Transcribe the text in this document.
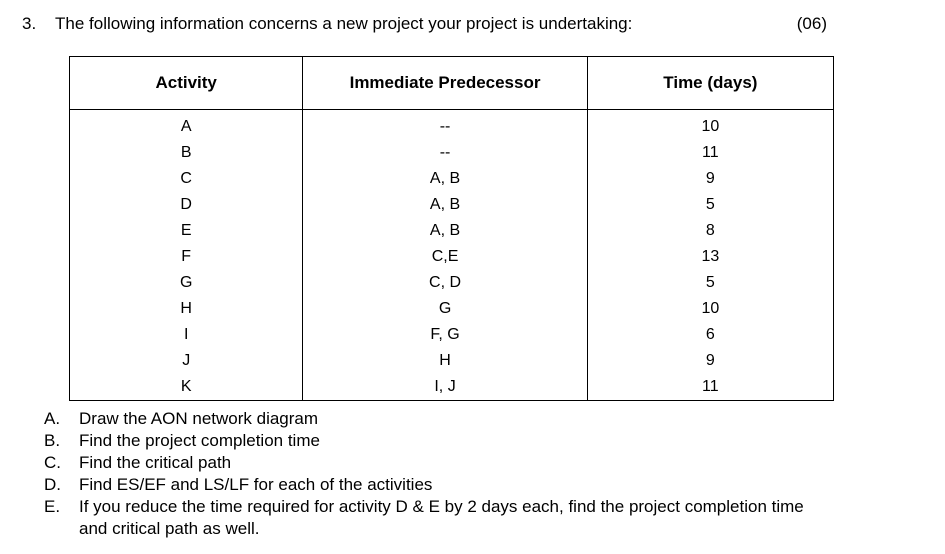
3. The following information concerns a new project your project is undertaking:	(06)
Activity	Immediate Predecessor	Time (days)
A	--	10
B	--	11
C	A, B	9
D	A, B	5
E	A, B	8
F	C,E	13
G	C, D	5
H	G	10
I	F, G	6
J	H	9
K	I, J	11
A. Draw the AON network diagram
B. Find the project completion time
C. Find the critical path
D. Find ES/EF and LS/LF for each of the activities
E. If you reduce the time required for activity D & E by 2 days each, find the project completion time and critical path as well.
